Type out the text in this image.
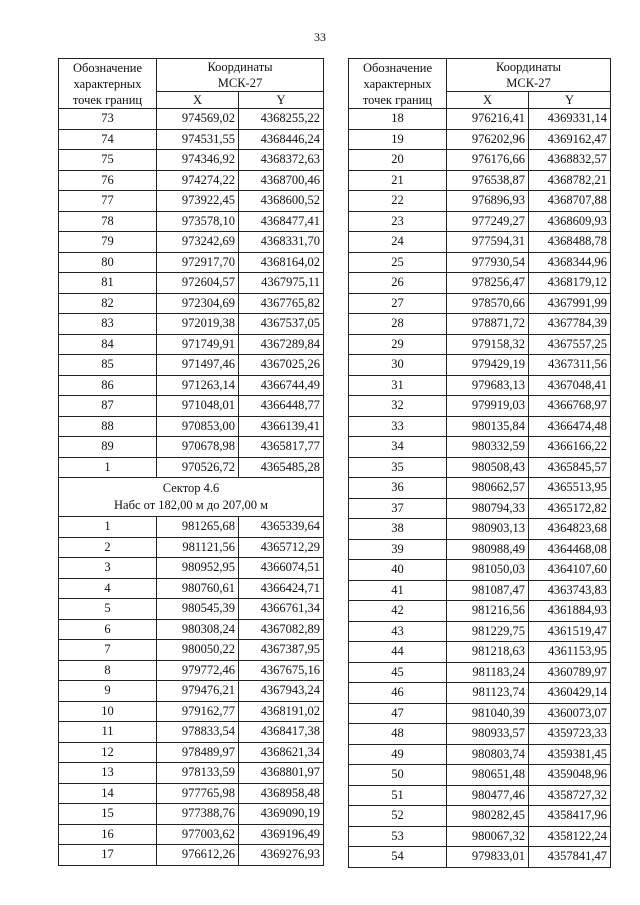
33
Обозначение
характерных
точек границ	Координаты
МСК-27	
	X	Y
73	974569,02	4368255,22
74	974531,55	4368446,24
75	974346,92	4368372,63
76	974274,22	4368700,46
77	973922,45	4368600,52
78	973578,10	4368477,41
79	973242,69	4368331,70
80	972917,70	4368164,02
81	972604,57	4367975,11
82	972304,69	4367765,82
83	972019,38	4367537,05
84	971749,91	4367289,84
85	971497,46	4367025,26
86	971263,14	4366744,49
87	971048,01	4366448,77
88	970853,00	4366139,41
89	970678,98	4365817,77
1	970526,72	4365485,28
Сектор 4.6
Набс от 182,00 м до 207,00 м		
1	981265,68	4365339,64
2	981121,56	4365712,29
3	980952,95	4366074,51
4	980760,61	4366424,71
5	980545,39	4366761,34
6	980308,24	4367082,89
7	980050,22	4367387,95
8	979772,46	4367675,16
9	979476,21	4367943,24
10	979162,77	4368191,02
11	978833,54	4368417,38
12	978489,97	4368621,34
13	978133,59	4368801,97
14	977765,98	4368958,48
15	977388,76	4369090,19
16	977003,62	4369196,49
17	976612,26	4369276,93
Обозначение
характерных
точек границ	Координаты
МСК-27	
	X	Y
18	976216,41	4369331,14
19	976202,96	4369162,47
20	976176,66	4368832,57
21	976538,87	4368782,21
22	976896,93	4368707,88
23	977249,27	4368609,93
24	977594,31	4368488,78
25	977930,54	4368344,96
26	978256,47	4368179,12
27	978570,66	4367991,99
28	978871,72	4367784,39
29	979158,32	4367557,25
30	979429,19	4367311,56
31	979683,13	4367048,41
32	979919,03	4366768,97
33	980135,84	4366474,48
34	980332,59	4366166,22
35	980508,43	4365845,57
36	980662,57	4365513,95
37	980794,33	4365172,82
38	980903,13	4364823,68
39	980988,49	4364468,08
40	981050,03	4364107,60
41	981087,47	4363743,83
42	981216,56	4361884,93
43	981229,75	4361519,47
44	981218,63	4361153,95
45	981183,24	4360789,97
46	981123,74	4360429,14
47	981040,39	4360073,07
48	980933,57	4359723,33
49	980803,74	4359381,45
50	980651,48	4359048,96
51	980477,46	4358727,32
52	980282,45	4358417,96
53	980067,32	4358122,24
54	979833,01	4357841,47
